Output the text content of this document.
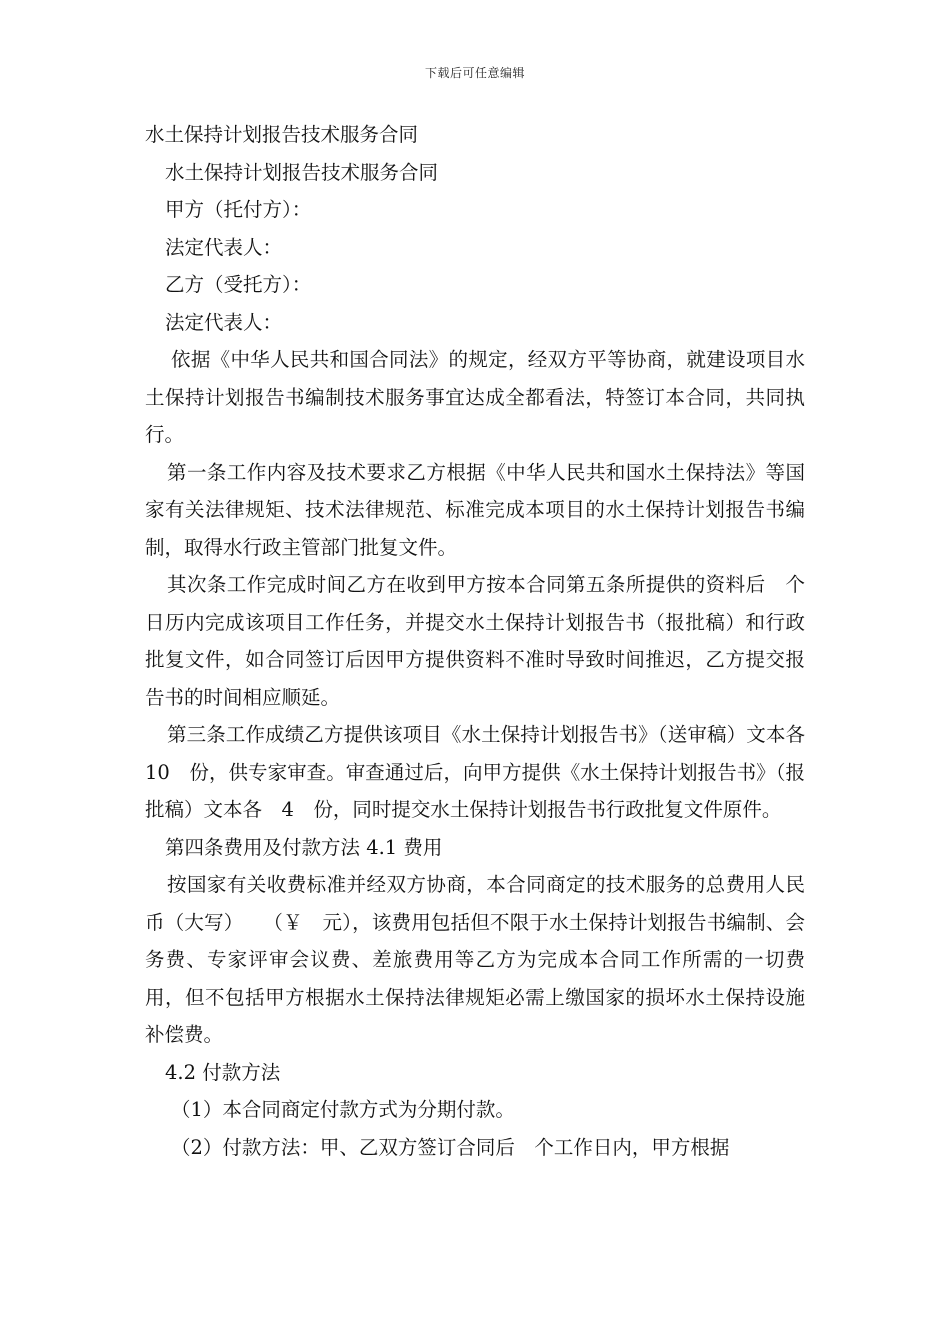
下载后可任意编辑

水土保持计划报告技术服务合同

水土保持计划报告技术服务合同

甲方（托付方）：

法定代表人：

乙方（受托方）：

法定代表人：

依据《中华人民共和国合同法》的规定，经双方平等协商，就建设项目水土保持计划报告书编制技术服务事宜达成全都看法，特签订本合同，共同执行。

第一条工作内容及技术要求乙方根据《中华人民共和国水土保持法》等国家有关法律规矩、技术法律规范、标准完成本项目的水土保持计划报告书编制，取得水行政主管部门批复文件。

其次条工作完成时间乙方在收到甲方按本合同第五条所提供的资料后　个日历内完成该项目工作任务，并提交水土保持计划报告书（报批稿）和行政批复文件，如合同签订后因甲方提供资料不准时导致时间推迟，乙方提交报告书的时间相应顺延。

第三条工作成绩乙方提供该项目《水土保持计划报告书》（送审稿）文本各　10　份，供专家审查。审查通过后，向甲方提供《水土保持计划报告书》（报批稿）文本各　4　份，同时提交水土保持计划报告书行政批复文件原件。

第四条费用及付款方法 4.1 费用

按国家有关收费标准并经双方协商，本合同商定的技术服务的总费用人民币（大写）　　（￥　元），该费用包括但不限于水土保持计划报告书编制、会务费、专家评审会议费、差旅费用等乙方为完成本合同工作所需的一切费用，但不包括甲方根据水土保持法律规矩必需上缴国家的损坏水土保持设施补偿费。

4.2 付款方法

（1）本合同商定付款方式为分期付款。

（2）付款方法：甲、乙双方签订合同后　个工作日内，甲方根据
